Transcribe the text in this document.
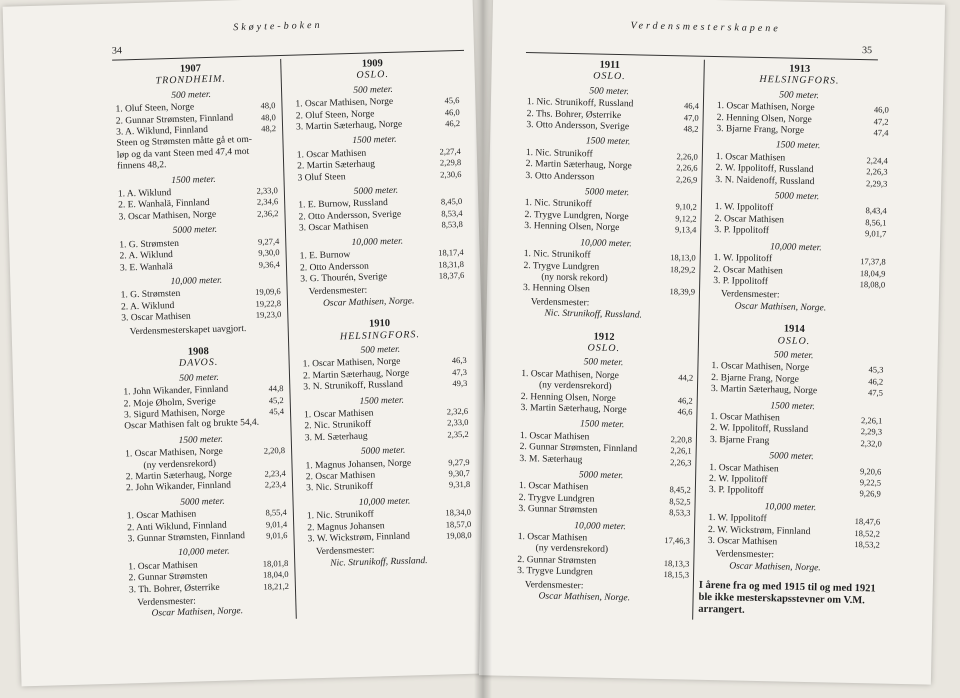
Skøyte-boken
34
1907
TRONDHEIM.
500 meter.
1. Oluf Steen, Norge	48,0
2. Gunnar Strømsten, Finnland	48,0
3. A. Wiklund, Finnland	48,2
Steen og Strømsten måtte gå et om-
løp og da vant Steen med 47,4 mot
finnens 48,2.
1500 meter.
1. A. Wiklund	2,33,0
2. E. Wanhalä, Finnland	2,34,6
3. Oscar Mathisen, Norge	2,36,2
5000 meter.
1. G. Strømsten	9,27,4
2. A. Wiklund	9,30,0
3. E. Wanhalä	9,36,4
10,000 meter.
1. G. Strømsten	19,09,6
2. A. Wiklund	19,22,8
3. Oscar Mathisen	19,23,0
Verdensmesterskapet uavgjort.
1908
DAVOS.
500 meter.
1. John Wikander, Finnland	44,8
2. Moje Øholm, Sverige	45,2
3. Sigurd Mathisen, Norge	45,4
Oscar Mathisen falt og brukte 54,4.
1500 meter.
1. Oscar Mathisen, Norge	2,20,8
(ny verdensrekord)
2. Martin Sæterhaug, Norge	2,23,4
2. John Wikander, Finnland	2,23,4
5000 meter.
1. Oscar Mathisen	8,55,4
2. Anti Wiklund, Finnland	9,01,4
3. Gunnar Strømsten, Finnland	9,01,6
10,000 meter.
1. Oscar Mathisen	18,01,8
2. Gunnar Strømsten	18,04,0
3. Th. Bohrer, Østerrike	18,21,2
Verdensmester:
Oscar Mathisen, Norge.
1909
OSLO.
500 meter.
1. Oscar Mathisen, Norge	45,6
2. Oluf Steen, Norge	46,0
3. Martin Sæterhaug, Norge	46,2
1500 meter.
1. Oscar Mathisen	2,27,4
2. Martin Sæterhaug	2,29,8
3 Oluf Steen	2,30,6
5000 meter.
1. E. Burnow, Russland	8,45,0
2. Otto Andersson, Sverige	8,53,4
3. Oscar Mathisen	8,53,8
10,000 meter.
1. E. Burnow	18,17,4
2. Otto Andersson	18,31,8
3. G. Thourén, Sverige	18,37,6
Verdensmester:
Oscar Mathisen, Norge.
1910
HELSINGFORS.
500 meter.
1. Oscar Mathisen, Norge	46,3
2. Martin Sæterhaug, Norge	47,3
3. N. Strunikoff, Russland	49,3
1500 meter.
1. Oscar Mathisen	2,32,6
2. Nic. Strunikoff	2,33,0
3. M. Sæterhaug	2,35,2
5000 meter.
1. Magnus Johansen, Norge	9,27,9
2. Oscar Mathisen	9,30,7
3. Nic. Strunikoff	9,31,8
10,000 meter.
1. Nic. Strunikoff	18,34,0
2. Magnus Johansen	18,57,0
3. W. Wickstrøm, Finnland	19,08,0
Verdensmester:
Nic. Strunikoff, Russland.
Verdensmesterskapene
35
1911
OSLO.
500 meter.
1. Nic. Strunikoff, Russland	46,4
2. Ths. Bohrer, Østerrike	47,0
3. Otto Andersson, Sverige	48,2
1500 meter.
1. Nic. Strunikoff	2,26,0
2. Martin Sæterhaug, Norge	2,26,6
3. Otto Andersson	2,26,9
5000 meter.
1. Nic. Strunikoff	9,10,2
2. Trygve Lundgren, Norge	9,12,2
3. Henning Olsen, Norge	9,13,4
10,000 meter.
1. Nic. Strunikoff	18,13,0
2. Trygve Lundgren	18,29,2
(ny norsk rekord)
3. Henning Olsen	18,39,9
Verdensmester:
Nic. Strunikoff, Russland.
1912
OSLO.
500 meter.
1. Oscar Mathisen, Norge	44,2
(ny verdensrekord)
2. Henning Olsen, Norge	46,2
3. Martin Sæterhaug, Norge	46,6
1500 meter.
1. Oscar Mathisen	2,20,8
2. Gunnar Strømsten, Finnland	2,26,1
3. M. Sæterhaug	2,26,3
5000 meter.
1. Oscar Mathisen	8,45,2
2. Trygve Lundgren	8,52,5
3. Gunnar Strømsten	8,53,3
10,000 meter.
1. Oscar Mathisen	17,46,3
(ny verdensrekord)
2. Gunnar Strømsten	18,13,3
3. Trygve Lundgren	18,15,3
Verdensmester:
Oscar Mathisen, Norge.
1913
HELSINGFORS.
500 meter.
1. Oscar Mathisen, Norge	46,0
2. Henning Olsen, Norge	47,2
3. Bjarne Frang, Norge	47,4
1500 meter.
1. Oscar Mathisen	2,24,4
2. W. Ippolitoff, Russland	2,26,3
3. N. Naidenoff, Russland	2,29,3
5000 meter.
1. W. Ippolitoff	8,43,4
2. Oscar Mathisen	8,56,1
3. P. Ippolitoff	9,01,7
10,000 meter.
1. W. Ippolitoff	17,37,8
2. Oscar Mathisen	18,04,9
3. P. Ippolitoff	18,08,0
Verdensmester:
Oscar Mathisen, Norge.
1914
OSLO.
500 meter.
1. Oscar Mathisen, Norge	45,3
2. Bjarne Frang, Norge	46,2
3. Martin Sæterhaug, Norge	47,5
1500 meter.
1. Oscar Mathisen	2,26,1
2. W. Ippolitoff, Russland	2,29,3
3. Bjarne Frang	2,32,0
5000 meter.
1. Oscar Mathisen	9,20,6
2. W. Ippolitoff	9,22,5
3. P. Ippolitoff	9,26,9
10,000 meter.
1. W. Ippolitoff	18,47,6
2. W. Wickstrøm, Finnland	18,52,2
3. Oscar Mathisen	18,53,2
Verdensmester:
Oscar Mathisen, Norge.
I årene fra og med 1915 til og med 1921 ble ikke mesterskapsstevner om V.M. arrangert.
